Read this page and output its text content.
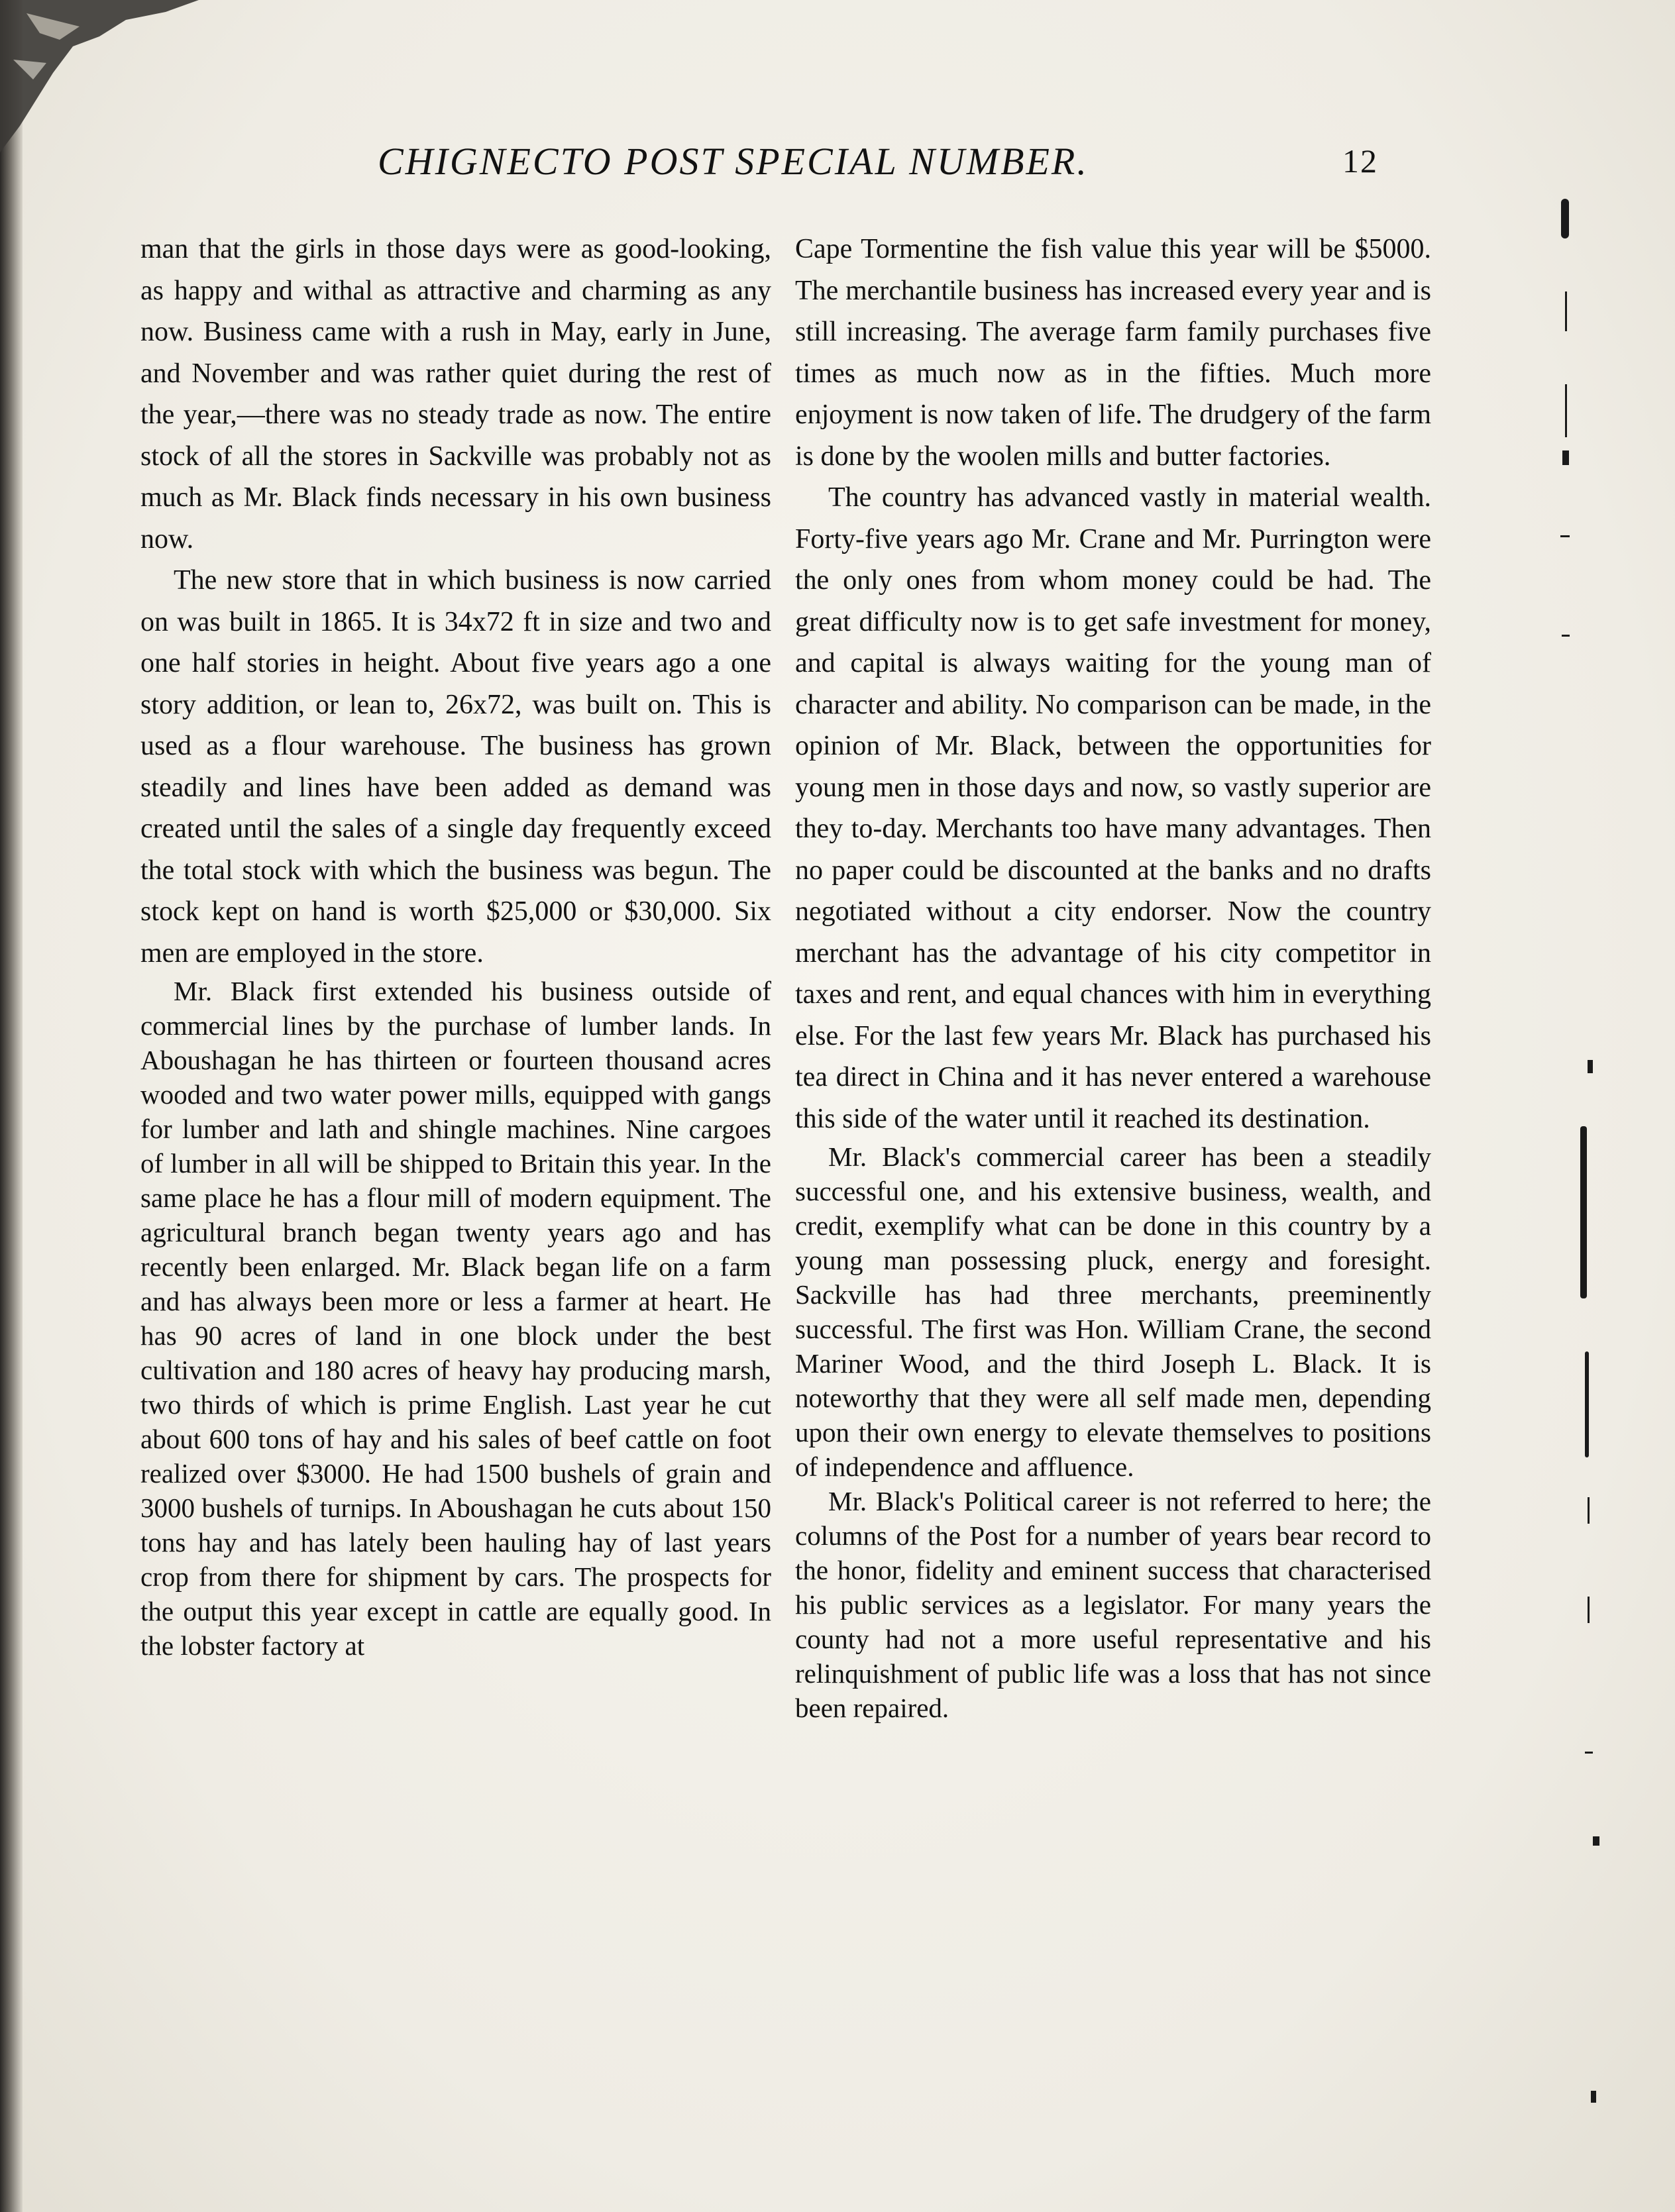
CHIGNECTO POST SPECIAL NUMBER.	12

man that the girls in those days were as good-looking, as happy and withal as attractive and charming as any now. Business came with a rush in May, early in June, and November and was rather quiet during the rest of the year,—there was no steady trade as now. The entire stock of all the stores in Sackville was probably not as much as Mr. Black finds necessary in his own business now.

The new store that in which business is now carried on was built in 1865. It is 34x72 ft in size and two and one half stories in height. About five years ago a one story addition, or lean to, 26x72, was built on. This is used as a flour warehouse. The business has grown steadily and lines have been added as demand was created until the sales of a single day frequently exceed the total stock with which the business was begun. The stock kept on hand is worth $25,000 or $30,000. Six men are employed in the store.

Mr. Black first extended his business outside of commercial lines by the purchase of lumber lands. In Aboushagan he has thirteen or fourteen thousand acres wooded and two water power mills, equipped with gangs for lumber and lath and shingle machines. Nine cargoes of lumber in all will be shipped to Britain this year. In the same place he has a flour mill of modern equipment. The agricultural branch began twenty years ago and has recently been enlarged. Mr. Black began life on a farm and has always been more or less a farmer at heart. He has 90 acres of land in one block under the best cultivation and 180 acres of heavy hay producing marsh, two thirds of which is prime English. Last year he cut about 600 tons of hay and his sales of beef cattle on foot realized over $3000. He had 1500 bushels of grain and 3000 bushels of turnips. In Aboushagan he cuts about 150 tons hay and has lately been hauling hay of last years crop from there for shipment by cars. The prospects for the output this year except in cattle are equally good. In the lobster factory at

Cape Tormentine the fish value this year will be $5000. The merchantile business has increased every year and is still increasing. The average farm family purchases five times as much now as in the fifties. Much more enjoyment is now taken of life. The drudgery of the farm is done by the woolen mills and butter factories.

The country has advanced vastly in material wealth. Forty-five years ago Mr. Crane and Mr. Purrington were the only ones from whom money could be had. The great difficulty now is to get safe investment for money, and capital is always waiting for the young man of character and ability. No comparison can be made, in the opinion of Mr. Black, between the opportunities for young men in those days and now, so vastly superior are they to-day. Merchants too have many advantages. Then no paper could be discounted at the banks and no drafts negotiated without a city endorser. Now the country merchant has the advantage of his city competitor in taxes and rent, and equal chances with him in everything else. For the last few years Mr. Black has purchased his tea direct in China and it has never entered a warehouse this side of the water until it reached its destination.

Mr. Black's commercial career has been a steadily successful one, and his extensive business, wealth, and credit, exemplify what can be done in this country by a young man possessing pluck, energy and foresight. Sackville has had three merchants, preeminently successful. The first was Hon. William Crane, the second Mariner Wood, and the third Joseph L. Black. It is noteworthy that they were all self made men, depending upon their own energy to elevate themselves to positions of independence and affluence.

Mr. Black's Political career is not referred to here; the columns of the Post for a number of years bear record to the honor, fidelity and eminent success that characterised his public services as a legislator. For many years the county had not a more useful representative and his relinquishment of public life was a loss that has not since been repaired.
